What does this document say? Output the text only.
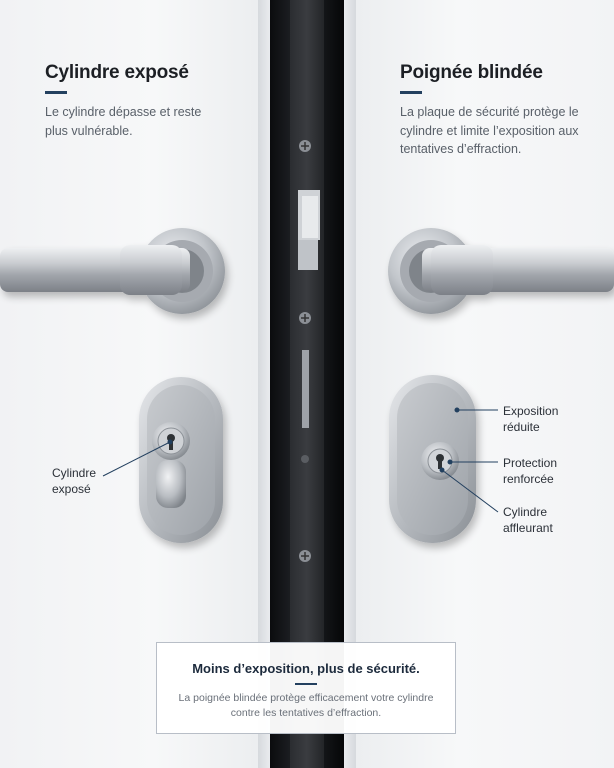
Cylindre exposé

Le cylindre dépasse et reste plus vulnérable.

Poignée blindée

La plaque de sécurité protège le cylindre et limite l’exposition aux tentatives d’effraction.

Cylindre exposé
Exposition réduite
Protection renforcée
Cylindre affleurant
Moins d’exposition, plus de sécurité.
La poignée blindée protège efficacement votre cylindre contre les tentatives d’effraction.
